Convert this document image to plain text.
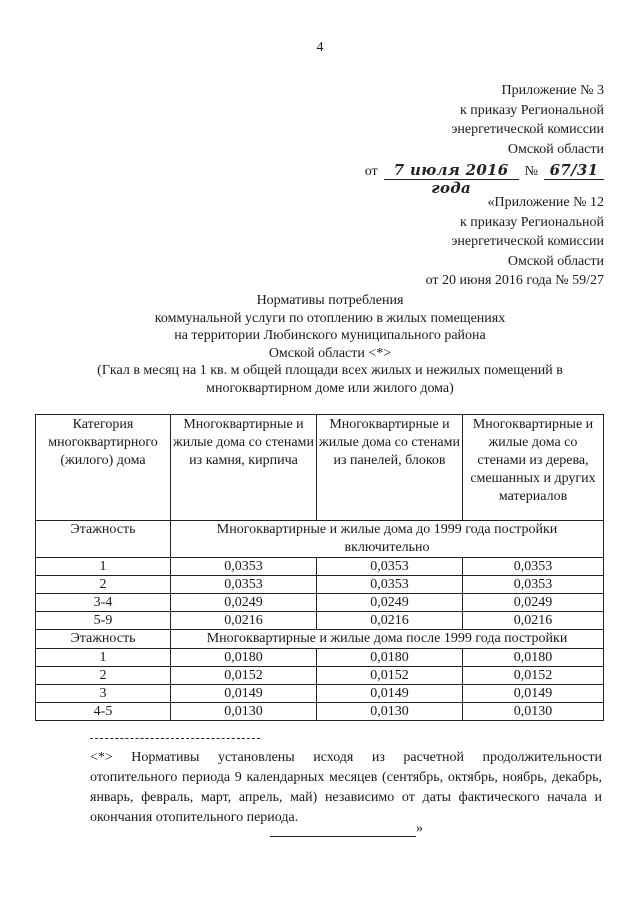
4
Приложение № 3
к приказу Региональной
энергетической комиссии
Омской области
от	7 июля 2016 года
№ 67/31
«Приложение № 12
к приказу Региональной
энергетической комиссии
Омской области
от 20 июня 2016 года № 59/27
Нормативы потребления
коммунальной услуги по отоплению в жилых помещениях
на территории Любинского муниципального района
Омской области <*>
(Гкал в месяц на 1 кв. м общей площади всех жилых и нежилых помещений в
многоквартирном доме или жилого дома)
Категория многоквартирного (жилого) дома	Многоквартирные и жилые дома со стенами из камня, кирпича	Многоквартирные и жилые дома со стенами из панелей, блоков	Многоквартирные и жилые дома со стенами из дерева, смешанных и других материалов
Этажность	Многоквартирные и жилые дома до 1999 года постройки включительно		
1	0,0353	0,0353	0,0353
2	0,0353	0,0353	0,0353
3-4	0,0249	0,0249	0,0249
5-9	0,0216	0,0216	0,0216
Этажность	Многоквартирные и жилые дома после 1999 года постройки		
1	0,0180	0,0180	0,0180
2	0,0152	0,0152	0,0152
3	0,0149	0,0149	0,0149
4-5	0,0130	0,0130	0,0130
<*> Нормативы установлены исходя из расчетной продолжительности отопительного периода 9 календарных месяцев (сентябрь, октябрь, ноябрь, декабрь, январь, февраль, март, апрель, май) независимо от даты фактического начала и окончания отопительного периода.
»
